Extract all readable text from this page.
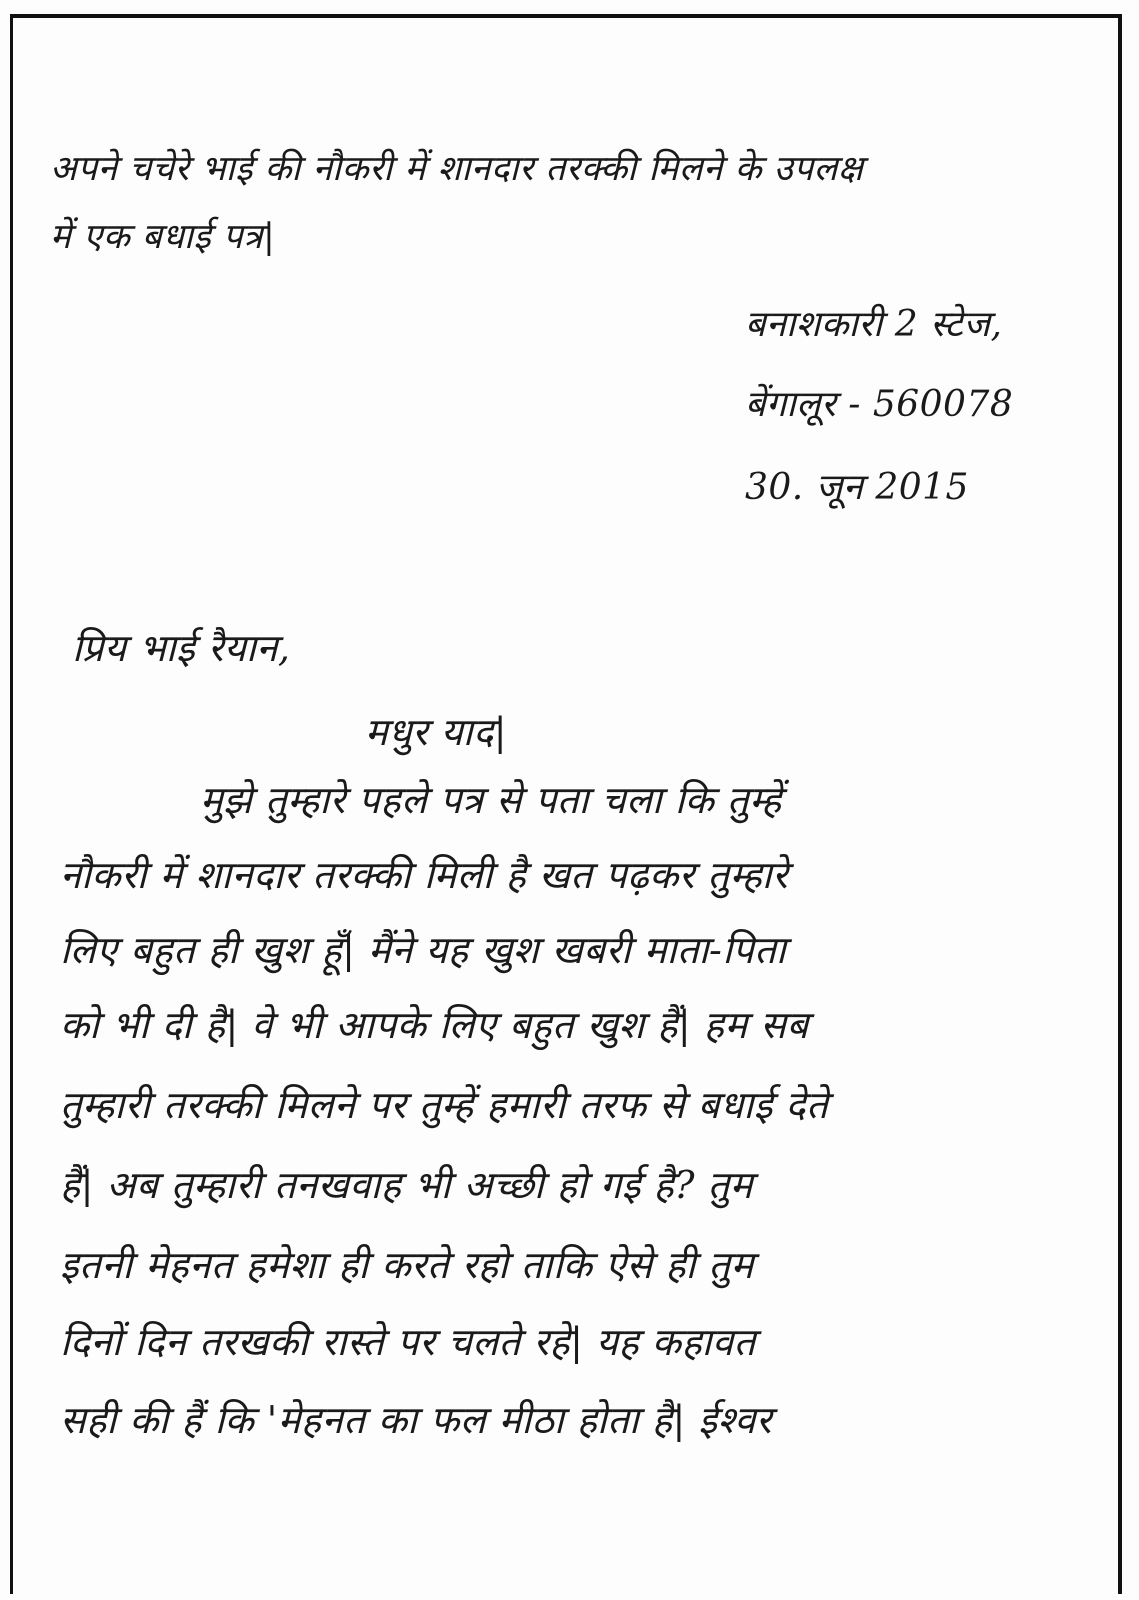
अपने चचेरे भाई की नौकरी में शानदार तरक्की मिलने के उपलक्ष
में एक बधाई पत्र|
बनाशकारी 2 स्टेज,
बेंगालूर - 560078
30. जून 2015
प्रिय भाई रैयान,
मधुर याद|
मुझे तुम्हारे पहले पत्र से पता चला कि तुम्हें
नौकरी में शानदार तरक्की मिली है खत पढ़कर तुम्हारे
लिए बहुत ही खुश हूँ| मैंने यह खुश खबरी माता-पिता
को भी दी है| वे भी आपके लिए बहुत खुश हैं| हम सब
तुम्हारी तरक्की मिलने पर तुम्हें हमारी तरफ से बधाई देते
हैं| अब तुम्हारी तनखवाह भी अच्छी हो गई है? तुम
इतनी मेहनत हमेशा ही करते रहो ताकि ऐसे ही तुम
दिनों दिन तरखकी रास्ते पर चलते रहे| यह कहावत
सही की हैं कि 'मेहनत का फल मीठा होता है| ईश्वर
